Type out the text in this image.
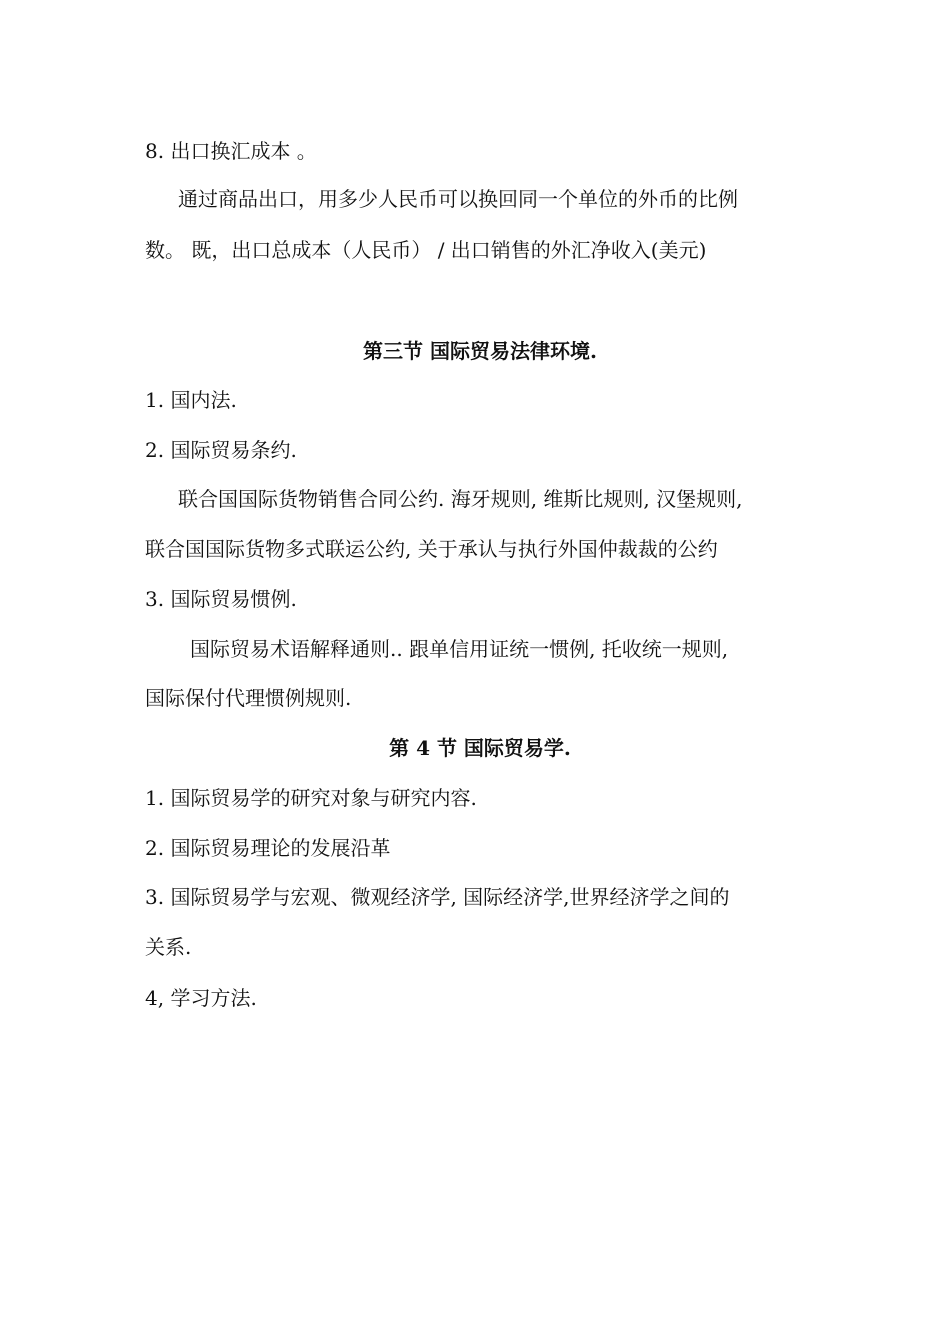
8. 出口换汇成本 。
通过商品出口，用多少人民币可以换回同一个单位的外币的比例
数。 既，出口总成本（人民币） / 出口销售的外汇净收入(美元)
第三节 国际贸易法律环境.
1. 国内法.
2. 国际贸易条约.
联合国国际货物销售合同公约. 海牙规则, 维斯比规则, 汉堡规则,
联合国国际货物多式联运公约, 关于承认与执行外国仲裁裁的公约
3. 国际贸易惯例.
国际贸易术语解释通则.. 跟单信用证统一惯例, 托收统一规则,
国际保付代理惯例规则.
第 4 节 国际贸易学.
1. 国际贸易学的研究对象与研究内容.
2. 国际贸易理论的发展沿革
3. 国际贸易学与宏观、微观经济学, 国际经济学,世界经济学之间的
关系.
4, 学习方法.
